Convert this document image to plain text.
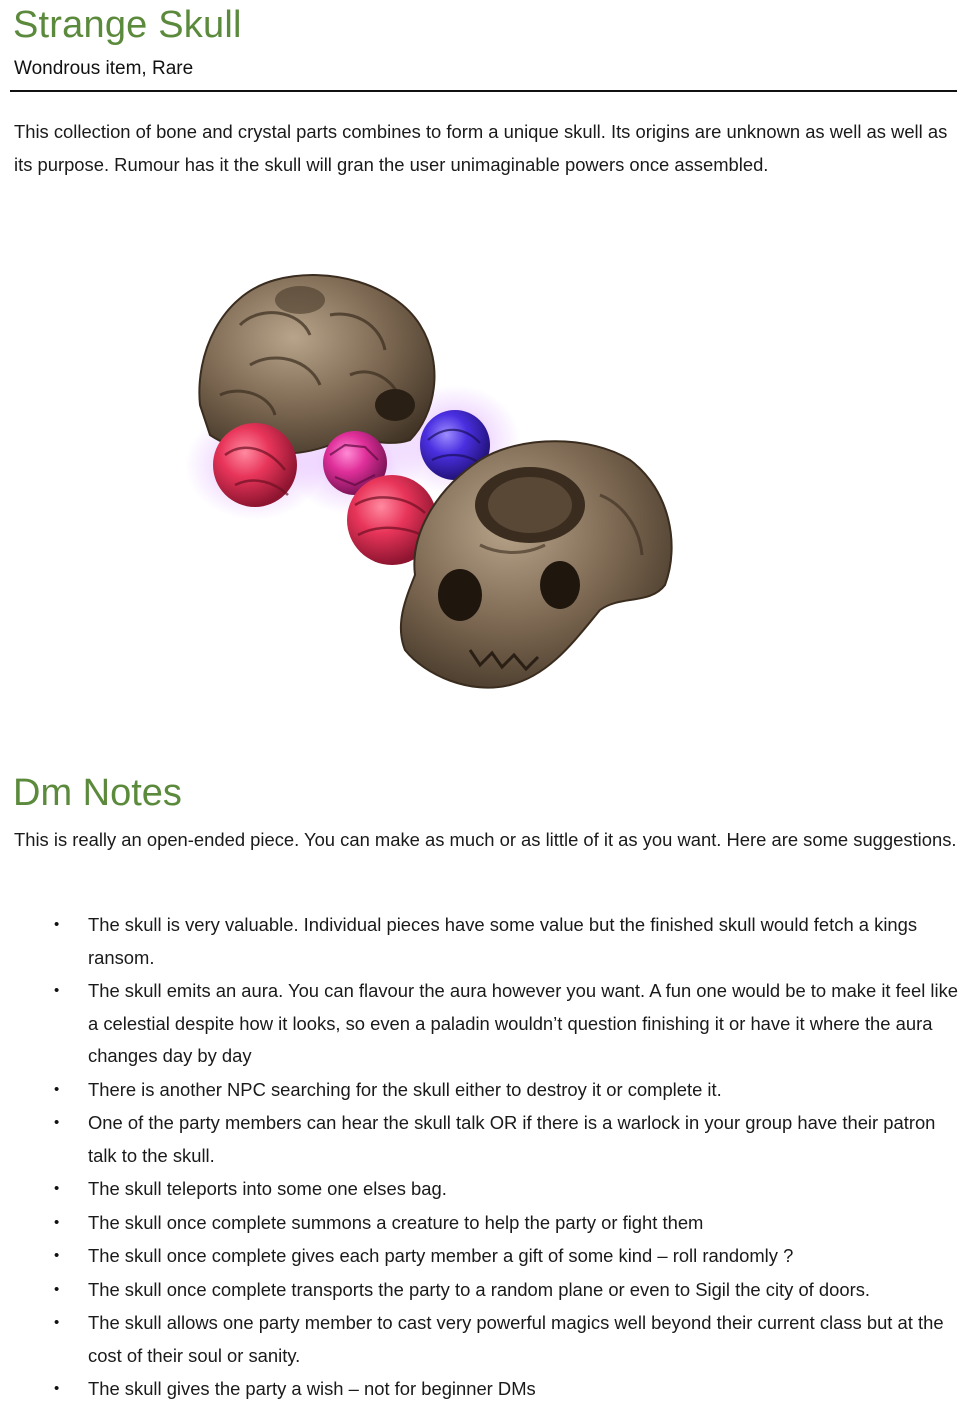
Strange Skull

Wondrous item, Rare

This collection of bone and crystal parts combines to form a unique skull. Its origins are unknown as well as well as its purpose. Rumour has it the skull will gran the user unimaginable powers once assembled.

Dm Notes

This is really an open-ended piece. You can make as much or as little of it as you want. Here are some suggestions.

• The skull is very valuable. Individual pieces have some value but the finished skull would fetch a kings ransom.
• The skull emits an aura. You can flavour the aura however you want. A fun one would be to make it feel like a celestial despite how it looks, so even a paladin wouldn’t question finishing it or have it where the aura changes day by day
• There is another NPC searching for the skull either to destroy it or complete it.
• One of the party members can hear the skull talk OR if there is a warlock in your group have their patron talk to the skull.
• The skull teleports into some one elses bag.
• The skull once complete summons a creature to help the party or fight them
• The skull once complete gives each party member a gift of some kind – roll randomly ?
• The skull once complete transports the party to a random plane or even to Sigil the city of doors.
• The skull allows one party member to cast very powerful magics well beyond their current class but at the cost of their soul or sanity.
• The skull gives the party a wish – not for beginner DMs
